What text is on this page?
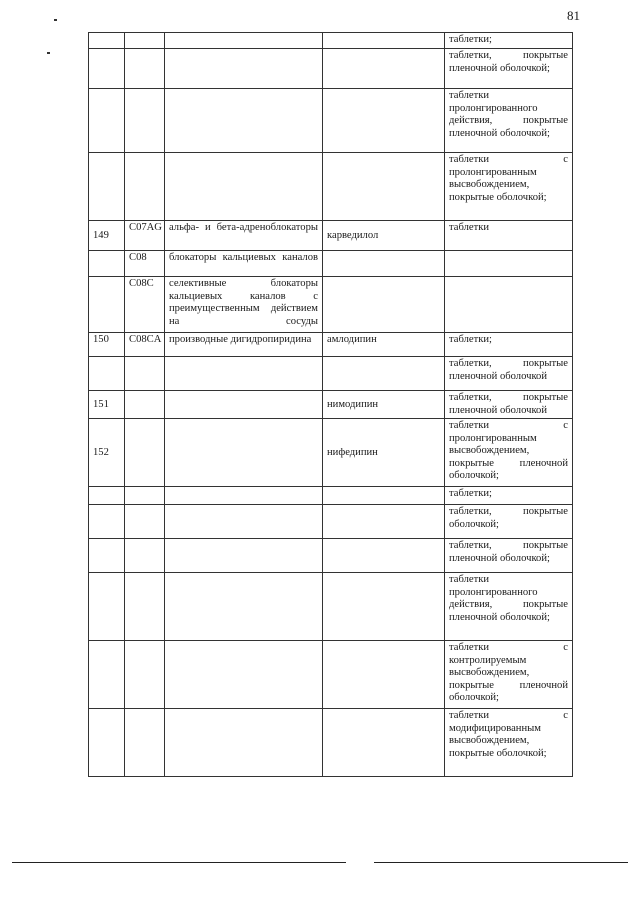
81
				таблетки;
				таблетки, покрытые пленочной оболочкой;
				таблетки пролонгированного действия, покрытые пленочной оболочкой;
				таблетки с пролонгированным высвобождением, покрытые оболочкой;
149	C07AG	альфа- и бета-адреноблокаторы	карведилол	таблетки
	C08	блокаторы кальциевых каналов		
	C08C	селективные блокаторы кальциевых каналов с преимущественным действием на сосуды		
150	C08CA	производные дигидропиридина	амлодипин	таблетки;
				таблетки, покрытые пленочной оболочкой
151			нимодипин	таблетки, покрытые пленочной оболочкой
152			нифедипин	таблетки с пролонгированным высвобождением, покрытые пленочной оболочкой;
				таблетки;
				таблетки, покрытые оболочкой;
				таблетки, покрытые пленочной оболочкой;
				таблетки пролонгированного действия, покрытые пленочной оболочкой;
				таблетки с контролируемым высвобождением, покрытые пленочной оболочкой;
				таблетки с модифицированным высвобождением, покрытые оболочкой;
